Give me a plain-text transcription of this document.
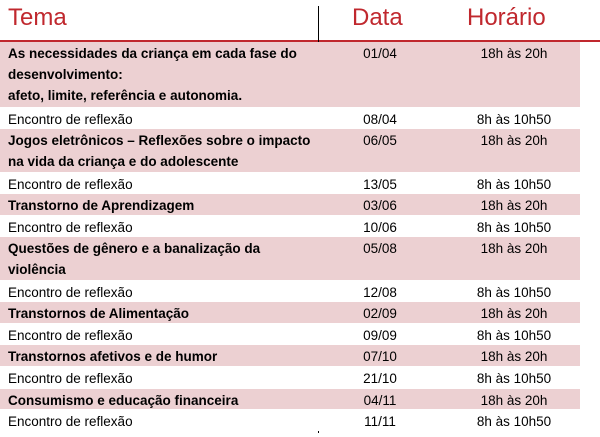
Tema	Data	Horário
As necessidades da criança em cada fase do
desenvolvimento:
afeto, limite, referência e autonomia.
01/04	18h às 20h
Encontro de reflexão	08/04	8h às 10h50
Jogos eletrônicos – Reflexões sobre o impacto
na vida da criança e do adolescente
06/05	18h às 20h
Encontro de reflexão	13/05	8h às 10h50
Transtorno de Aprendizagem	03/06	18h às 20h
Encontro de reflexão	10/06	8h às 10h50
Questões de gênero e a banalização da
violência
05/08	18h às 20h
Encontro de reflexão	12/08	8h às 10h50
Transtornos de Alimentação	02/09	18h às 20h
Encontro de reflexão	09/09	8h às 10h50
Transtornos afetivos e de humor	07/10	18h às 20h
Encontro de reflexão	21/10	8h às 10h50
Consumismo e educação financeira	04/11	18h às 20h
Encontro de reflexão	11/11	8h às 10h50
